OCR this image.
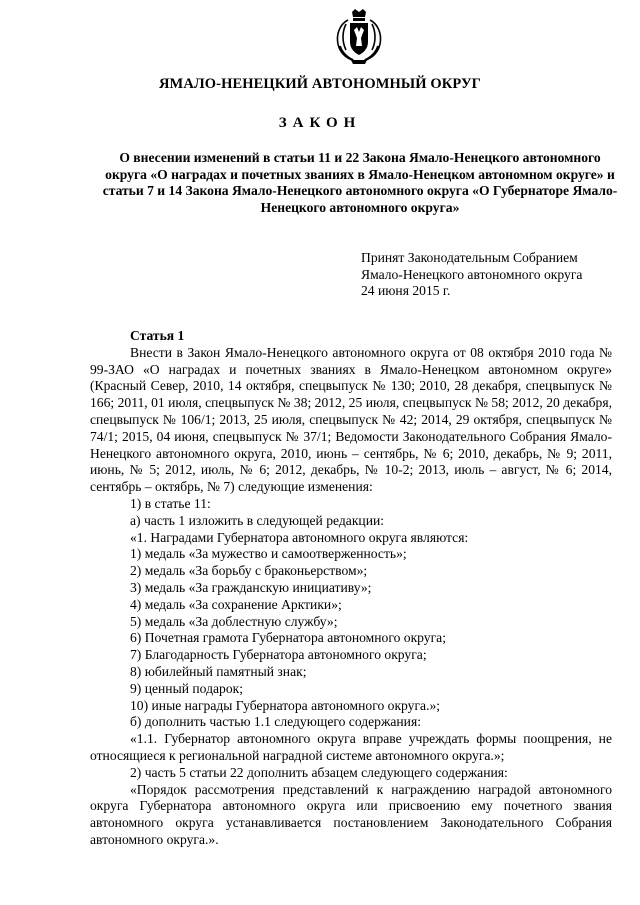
ЯМАЛО-НЕНЕЦКИЙ АВТОНОМНЫЙ ОКРУГ
ЗАКОН
О внесении изменений в статьи 11 и 22 Закона Ямало-Ненецкого автономного округа «О наградах и почетных званиях в Ямало-Ненецком автономном округе» и статьи 7 и 14 Закона Ямало-Ненецкого автономного округа «О Губернаторе Ямало-Ненецкого автономного округа»
Принят Законодательным Собранием
Ямало-Ненецкого автономного округа
24 июня 2015 г.

Статья 1

Внести в Закон Ямало-Ненецкого автономного округа от 08 октября 2010 года № 99-ЗАО «О наградах и почетных званиях в Ямало-Ненецком автономном округе» (Красный Север, 2010, 14 октября, спецвыпуск № 130; 2010, 28 декабря, спецвыпуск № 166; 2011, 01 июля, спецвыпуск № 38; 2012, 25 июля, спецвыпуск № 58; 2012, 20 декабря, спецвыпуск № 106/1; 2013, 25 июля, спецвыпуск № 42; 2014, 29 октября, спецвыпуск № 74/1; 2015, 04 июня, спецвыпуск № 37/1; Ведомости Законодательного Собрания Ямало-Ненецкого автономного округа, 2010, июнь – сентябрь, № 6; 2010, декабрь, № 9; 2011, июнь, № 5; 2012, июль, № 6; 2012, декабрь, № 10-2; 2013, июль – август, № 6; 2014, сентябрь – октябрь, № 7) следующие изменения:

1) в статье 11:

а) часть 1 изложить в следующей редакции:

«1. Наградами Губернатора автономного округа являются:

1) медаль «За мужество и самоотверженность»;

2) медаль «За борьбу с браконьерством»;

3) медаль «За гражданскую инициативу»;

4) медаль «За сохранение Арктики»;

5) медаль «За доблестную службу»;

6) Почетная грамота Губернатора автономного округа;

7) Благодарность Губернатора автономного округа;

8) юбилейный памятный знак;

9) ценный подарок;

10) иные награды Губернатора автономного округа.»;

б) дополнить частью 1.1 следующего содержания:

«1.1. Губернатор автономного округа вправе учреждать формы поощрения, не относящиеся к региональной наградной системе автономного округа.»;

2) часть 5 статьи 22 дополнить абзацем следующего содержания:

«Порядок рассмотрения представлений к награждению наградой автономного округа Губернатора автономного округа или присвоению ему почетного звания автономного округа устанавливается постановлением Законодательного Собрания автономного округа.».
